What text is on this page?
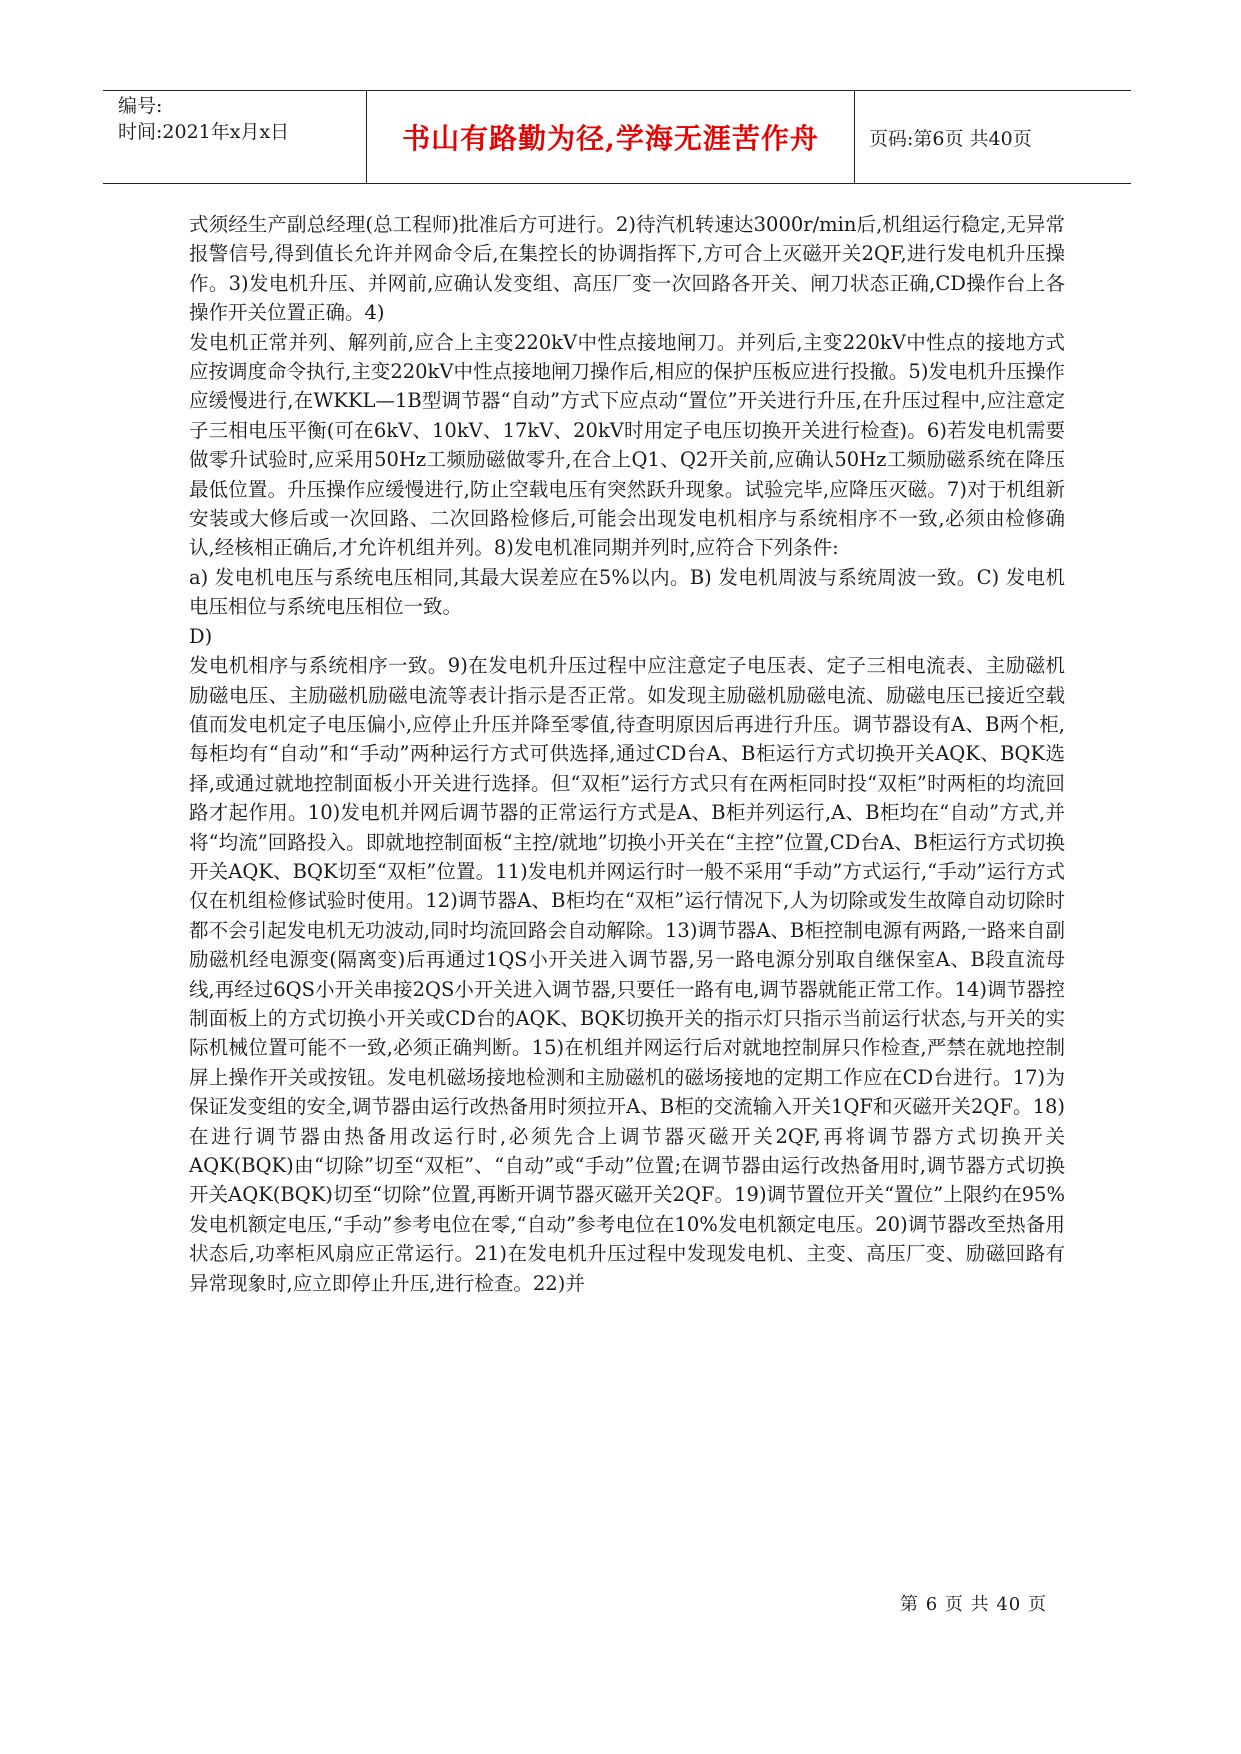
编号:
时间:2021年x月x日	书山有路勤为径,学海无涯苦作舟	页码:第6页 共40页

式须经生产副总经理(总工程师)批准后方可进行。2)待汽机转速达3000r/min后,机组运行稳定,无异常报警信号,得到值长允许并网命令后,在集控长的协调指挥下,方可合上灭磁开关2QF,进行发电机升压操作。3)发电机升压、并网前,应确认发变组、高压厂变一次回路各开关、闸刀状态正确,CD操作台上各操作开关位置正确。4)

发电机正常并列、解列前,应合上主变220kV中性点接地闸刀。并列后,主变220kV中性点的接地方式应按调度命令执行,主变220kV中性点接地闸刀操作后,相应的保护压板应进行投撤。5)发电机升压操作应缓慢进行,在WKKL—1B型调节器“自动”方式下应点动“置位”开关进行升压,在升压过程中,应注意定子三相电压平衡(可在6kV、10kV、17kV、20kV时用定子电压切换开关进行检查)。6)若发电机需要做零升试验时,应采用50Hz工频励磁做零升,在合上Q1、Q2开关前,应确认50Hz工频励磁系统在降压最低位置。升压操作应缓慢进行,防止空载电压有突然跃升现象。试验完毕,应降压灭磁。7)对于机组新安装或大修后或一次回路、二次回路检修后,可能会出现发电机相序与系统相序不一致,必须由检修确认,经核相正确后,才允许机组并列。8)发电机准同期并列时,应符合下列条件:

a) 发电机电压与系统电压相同,其最大误差应在5%以内。B) 发电机周波与系统周波一致。C) 发电机电压相位与系统电压相位一致。

D)

发电机相序与系统相序一致。9)在发电机升压过程中应注意定子电压表、定子三相电流表、主励磁机励磁电压、主励磁机励磁电流等表计指示是否正常。如发现主励磁机励磁电流、励磁电压已接近空载值而发电机定子电压偏小,应停止升压并降至零值,待查明原因后再进行升压。调节器设有A、B两个柜,每柜均有“自动”和“手动”两种运行方式可供选择,通过CD台A、B柜运行方式切换开关AQK、BQK选择,或通过就地控制面板小开关进行选择。但“双柜”运行方式只有在两柜同时投“双柜”时两柜的均流回路才起作用。10)发电机并网后调节器的正常运行方式是A、B柜并列运行,A、B柜均在“自动”方式,并将“均流”回路投入。即就地控制面板“主控/就地”切换小开关在“主控”位置,CD台A、B柜运行方式切换开关AQK、BQK切至“双柜”位置。11)发电机并网运行时一般不采用“手动”方式运行,“手动”运行方式仅在机组检修试验时使用。12)调节器A、B柜均在“双柜”运行情况下,人为切除或发生故障自动切除时都不会引起发电机无功波动,同时均流回路会自动解除。13)调节器A、B柜控制电源有两路,一路来自副励磁机经电源变(隔离变)后再通过1QS小开关进入调节器,另一路电源分别取自继保室A、B段直流母线,再经过6QS小开关串接2QS小开关进入调节器,只要任一路有电,调节器就能正常工作。14)调节器控制面板上的方式切换小开关或CD台的AQK、BQK切换开关的指示灯只指示当前运行状态,与开关的实际机械位置可能不一致,必须正确判断。15)在机组并网运行后对就地控制屏只作检查,严禁在就地控制屏上操作开关或按钮。发电机磁场接地检测和主励磁机的磁场接地的定期工作应在CD台进行。17)为保证发变组的安全,调节器由运行改热备用时须拉开A、B柜的交流输入开关1QF和灭磁开关2QF。18)在进行调节器由热备用改运行时,必须先合上调节器灭磁开关2QF,再将调节器方式切换开关AQK(BQK)由“切除”切至“双柜”、“自动”或“手动”位置;在调节器由运行改热备用时,调节器方式切换开关AQK(BQK)切至“切除”位置,再断开调节器灭磁开关2QF。19)调节置位开关“置位”上限约在95%发电机额定电压,“手动”参考电位在零,“自动”参考电位在10%发电机额定电压。20)调节器改至热备用状态后,功率柜风扇应正常运行。21)在发电机升压过程中发现发电机、主变、高压厂变、励磁回路有异常现象时,应立即停止升压,进行检查。22)并

第 6 页 共 40 页
